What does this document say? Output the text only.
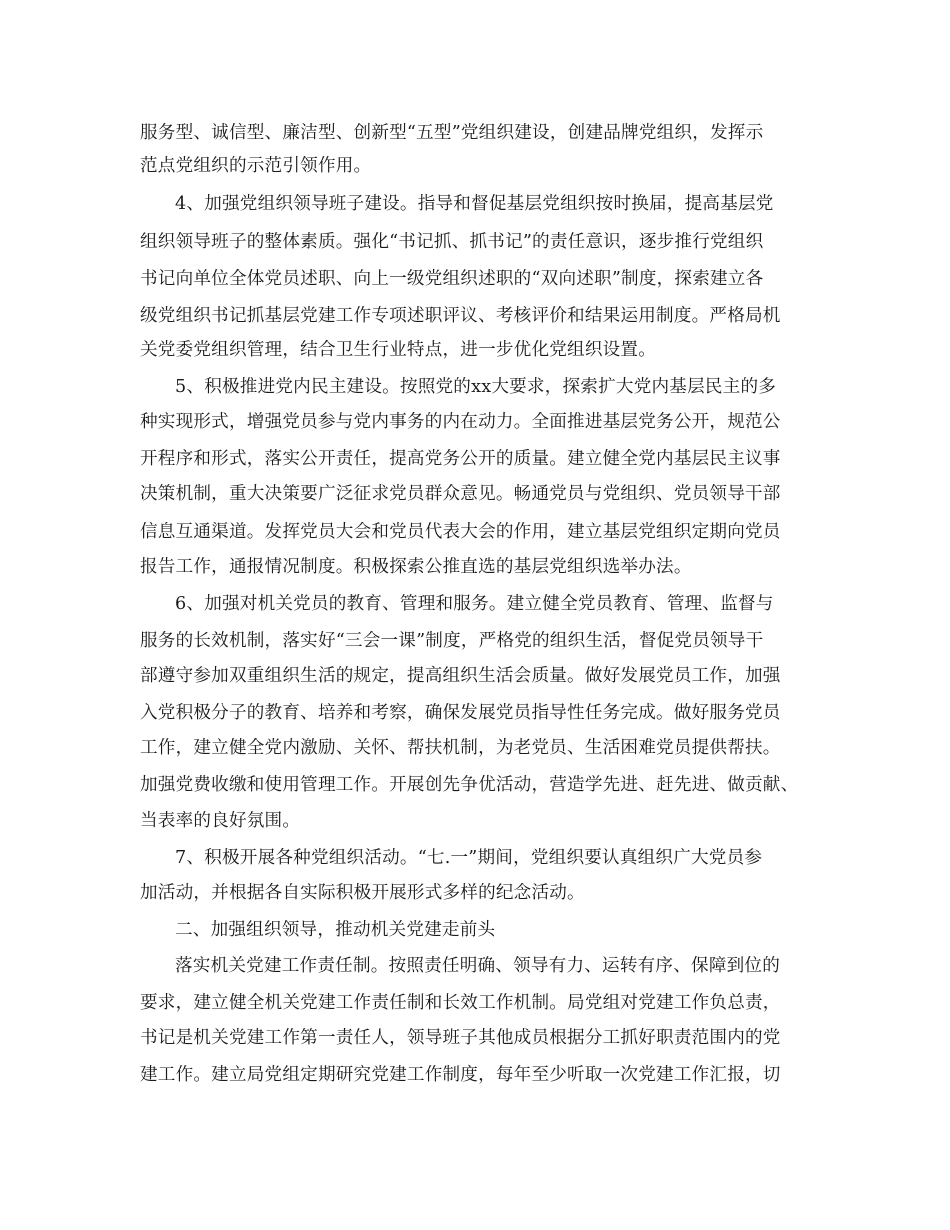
服务型、诚信型、廉洁型、创新型“五型”党组织建设，创建品牌党组织，发挥示
范点党组织的示范引领作用。
4、加强党组织领导班子建设。指导和督促基层党组织按时换届，提高基层党
组织领导班子的整体素质。强化“书记抓、抓书记”的责任意识，逐步推行党组织
书记向单位全体党员述职、向上一级党组织述职的“双向述职”制度，探索建立各
级党组织书记抓基层党建工作专项述职评议、考核评价和结果运用制度。严格局机
关党委党组织管理，结合卫生行业特点，进一步优化党组织设置。
5、积极推进党内民主建设。按照党的xx大要求，探索扩大党内基层民主的多
种实现形式，增强党员参与党内事务的内在动力。全面推进基层党务公开，规范公
开程序和形式，落实公开责任，提高党务公开的质量。建立健全党内基层民主议事
决策机制，重大决策要广泛征求党员群众意见。畅通党员与党组织、党员领导干部
信息互通渠道。发挥党员大会和党员代表大会的作用，建立基层党组织定期向党员
报告工作，通报情况制度。积极探索公推直选的基层党组织选举办法。
6、加强对机关党员的教育、管理和服务。建立健全党员教育、管理、监督与
服务的长效机制，落实好“三会一课”制度，严格党的组织生活，督促党员领导干
部遵守参加双重组织生活的规定，提高组织生活会质量。做好发展党员工作，加强
入党积极分子的教育、培养和考察，确保发展党员指导性任务完成。做好服务党员
工作，建立健全党内激励、关怀、帮扶机制，为老党员、生活困难党员提供帮扶。
加强党费收缴和使用管理工作。开展创先争优活动，营造学先进、赶先进、做贡献、
当表率的良好氛围。
7、积极开展各种党组织活动。“七.一”期间，党组织要认真组织广大党员参
加活动，并根据各自实际积极开展形式多样的纪念活动。
二、加强组织领导，推动机关党建走前头
落实机关党建工作责任制。按照责任明确、领导有力、运转有序、保障到位的
要求，建立健全机关党建工作责任制和长效工作机制。局党组对党建工作负总责，
书记是机关党建工作第一责任人，领导班子其他成员根据分工抓好职责范围内的党
建工作。建立局党组定期研究党建工作制度，每年至少听取一次党建工作汇报，切
